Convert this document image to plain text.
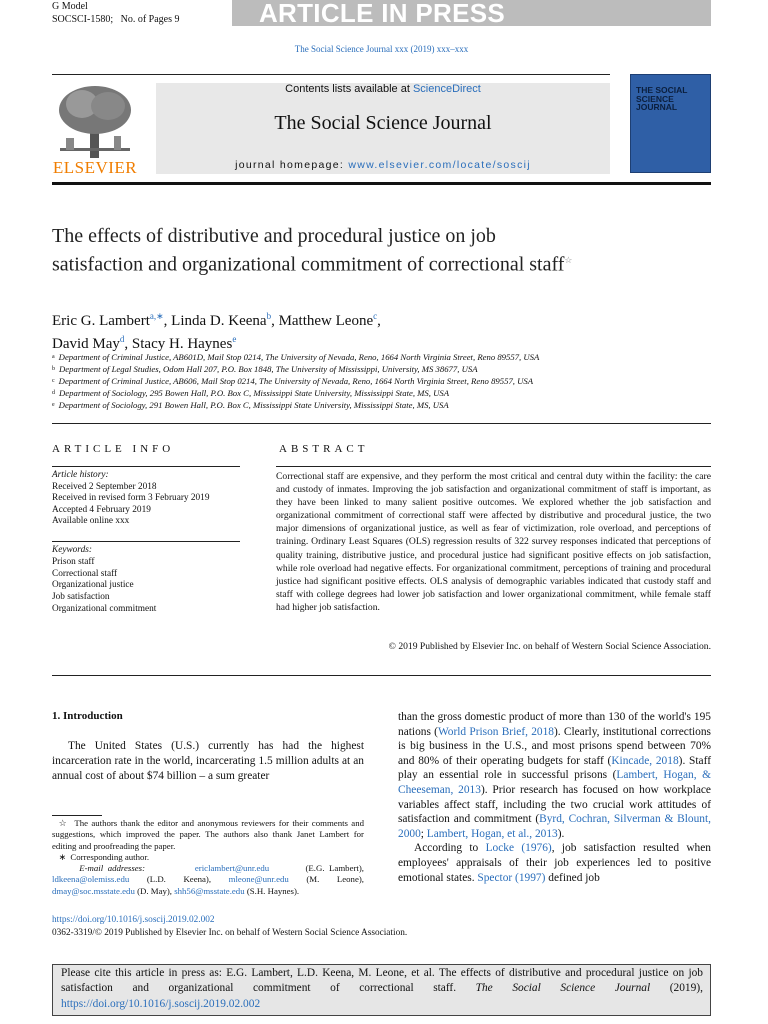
G Model
SOCSCI-1580; No. of Pages 9	ARTICLE IN PRESS
The Social Science Journal xxx (2019) xxx–xxx
ELSEVIER
Contents lists available at ScienceDirect
The Social Science Journal
journal homepage: www.elsevier.com/locate/soscij
THE SOCIAL SCIENCE JOURNAL
The effects of distributive and procedural justice on job satisfaction and organizational commitment of correctional staff☆
Eric G. Lambert$^{a,∗}$, Linda D. Keena$^b$, Matthew Leone$^c$,
David May$^d$, Stacy H. Haynes$^e$
$^a$ Department of Criminal Justice, AB601D, Mail Stop 0214, The University of Nevada, Reno, 1664 North Virginia Street, Reno 89557, USA
$^b$ Department of Legal Studies, Odom Hall 207, P.O. Box 1848, The University of Mississippi, University, MS 38677, USA
$^c$ Department of Criminal Justice, AB606, Mail Stop 0214, The University of Nevada, Reno, 1664 North Virginia Street, Reno 89557, USA
$^d$ Department of Sociology, 295 Bowen Hall, P.O. Box C, Mississippi State University, Mississippi State, MS, USA
$^e$ Department of Sociology, 291 Bowen Hall, P.O. Box C, Mississippi State University, Mississippi State, MS, USA
ARTICLE INFO	ABSTRACT
Article history:
Received 2 September 2018
Received in revised form 3 February 2019
Accepted 4 February 2019
Available online xxx
Keywords:
Prison staff
Correctional staff
Organizational justice
Job satisfaction
Organizational commitment
Correctional staff are expensive, and they perform the most critical and central duty within the facility: the care and custody of inmates. Improving the job satisfaction and organizational commitment of staff is important, as they have been linked to many salient positive outcomes. We explored whether the job satisfaction and organizational commitment of correctional staff were affected by distributive and procedural justice, the two major dimensions of organizational justice, as well as fear of victimization, role overload, and perceptions of training. Ordinary Least Squares (OLS) regression results of 322 survey responses indicated that perceptions of quality training, distributive justice, and procedural justice had significant positive effects on job satisfaction, while role overload had negative effects. For organizational commitment, perceptions of training and procedural justice had significant positive effects. OLS analysis of demographic variables indicated that custody staff and staff with college degrees had lower job satisfaction and lower organizational commitment, while female staff had higher job satisfaction.
© 2019 Published by Elsevier Inc. on behalf of Western Social Science Association.
1. Introduction
The United States (U.S.) currently has had the highest incarceration rate in the world, incarcerating 1.5 million adults at an annual cost of about $74 billion – a sum greater
than the gross domestic product of more than 130 of the world's 195 nations (World Prison Brief, 2018). Clearly, institutional corrections is big business in the U.S., and most prisons spend between 70% and 80% of their operating budgets for staff (Kincade, 2018). Staff play an essential role in successful prisons (Lambert, Hogan, & Cheeseman, 2013). Prior research has focused on how workplace variables affect staff, including the two crucial work attitudes of satisfaction and commitment (Byrd, Cochran, Silverman & Blount, 2000; Lambert, Hogan, et al., 2013).
According to Locke (1976), job satisfaction resulted when employees' appraisals of their job experiences led to positive emotional states. Spector (1997) defined job
☆ The authors thank the editor and anonymous reviewers for their comments and suggestions, which improved the paper. The authors also thank Janet Lambert for editing and proofreading the paper.
∗ Corresponding author.
E-mail addresses:	ericlambert@unr.edu	(E.G. Lambert), ldkeena@olemiss.edu (L.D. Keena), mleone@unr.edu (M. Leone), dmay@soc.msstate.edu (D. May), shh56@msstate.edu (S.H. Haynes).
https://doi.org/10.1016/j.soscij.2019.02.002
0362-3319/© 2019 Published by Elsevier Inc. on behalf of Western Social Science Association.
Please cite this article in press as: E.G. Lambert, L.D. Keena, M. Leone, et al. The effects of distributive and procedural justice on job satisfaction and organizational commitment of correctional staff. The Social Science Journal (2019), https://doi.org/10.1016/j.soscij.2019.02.002
